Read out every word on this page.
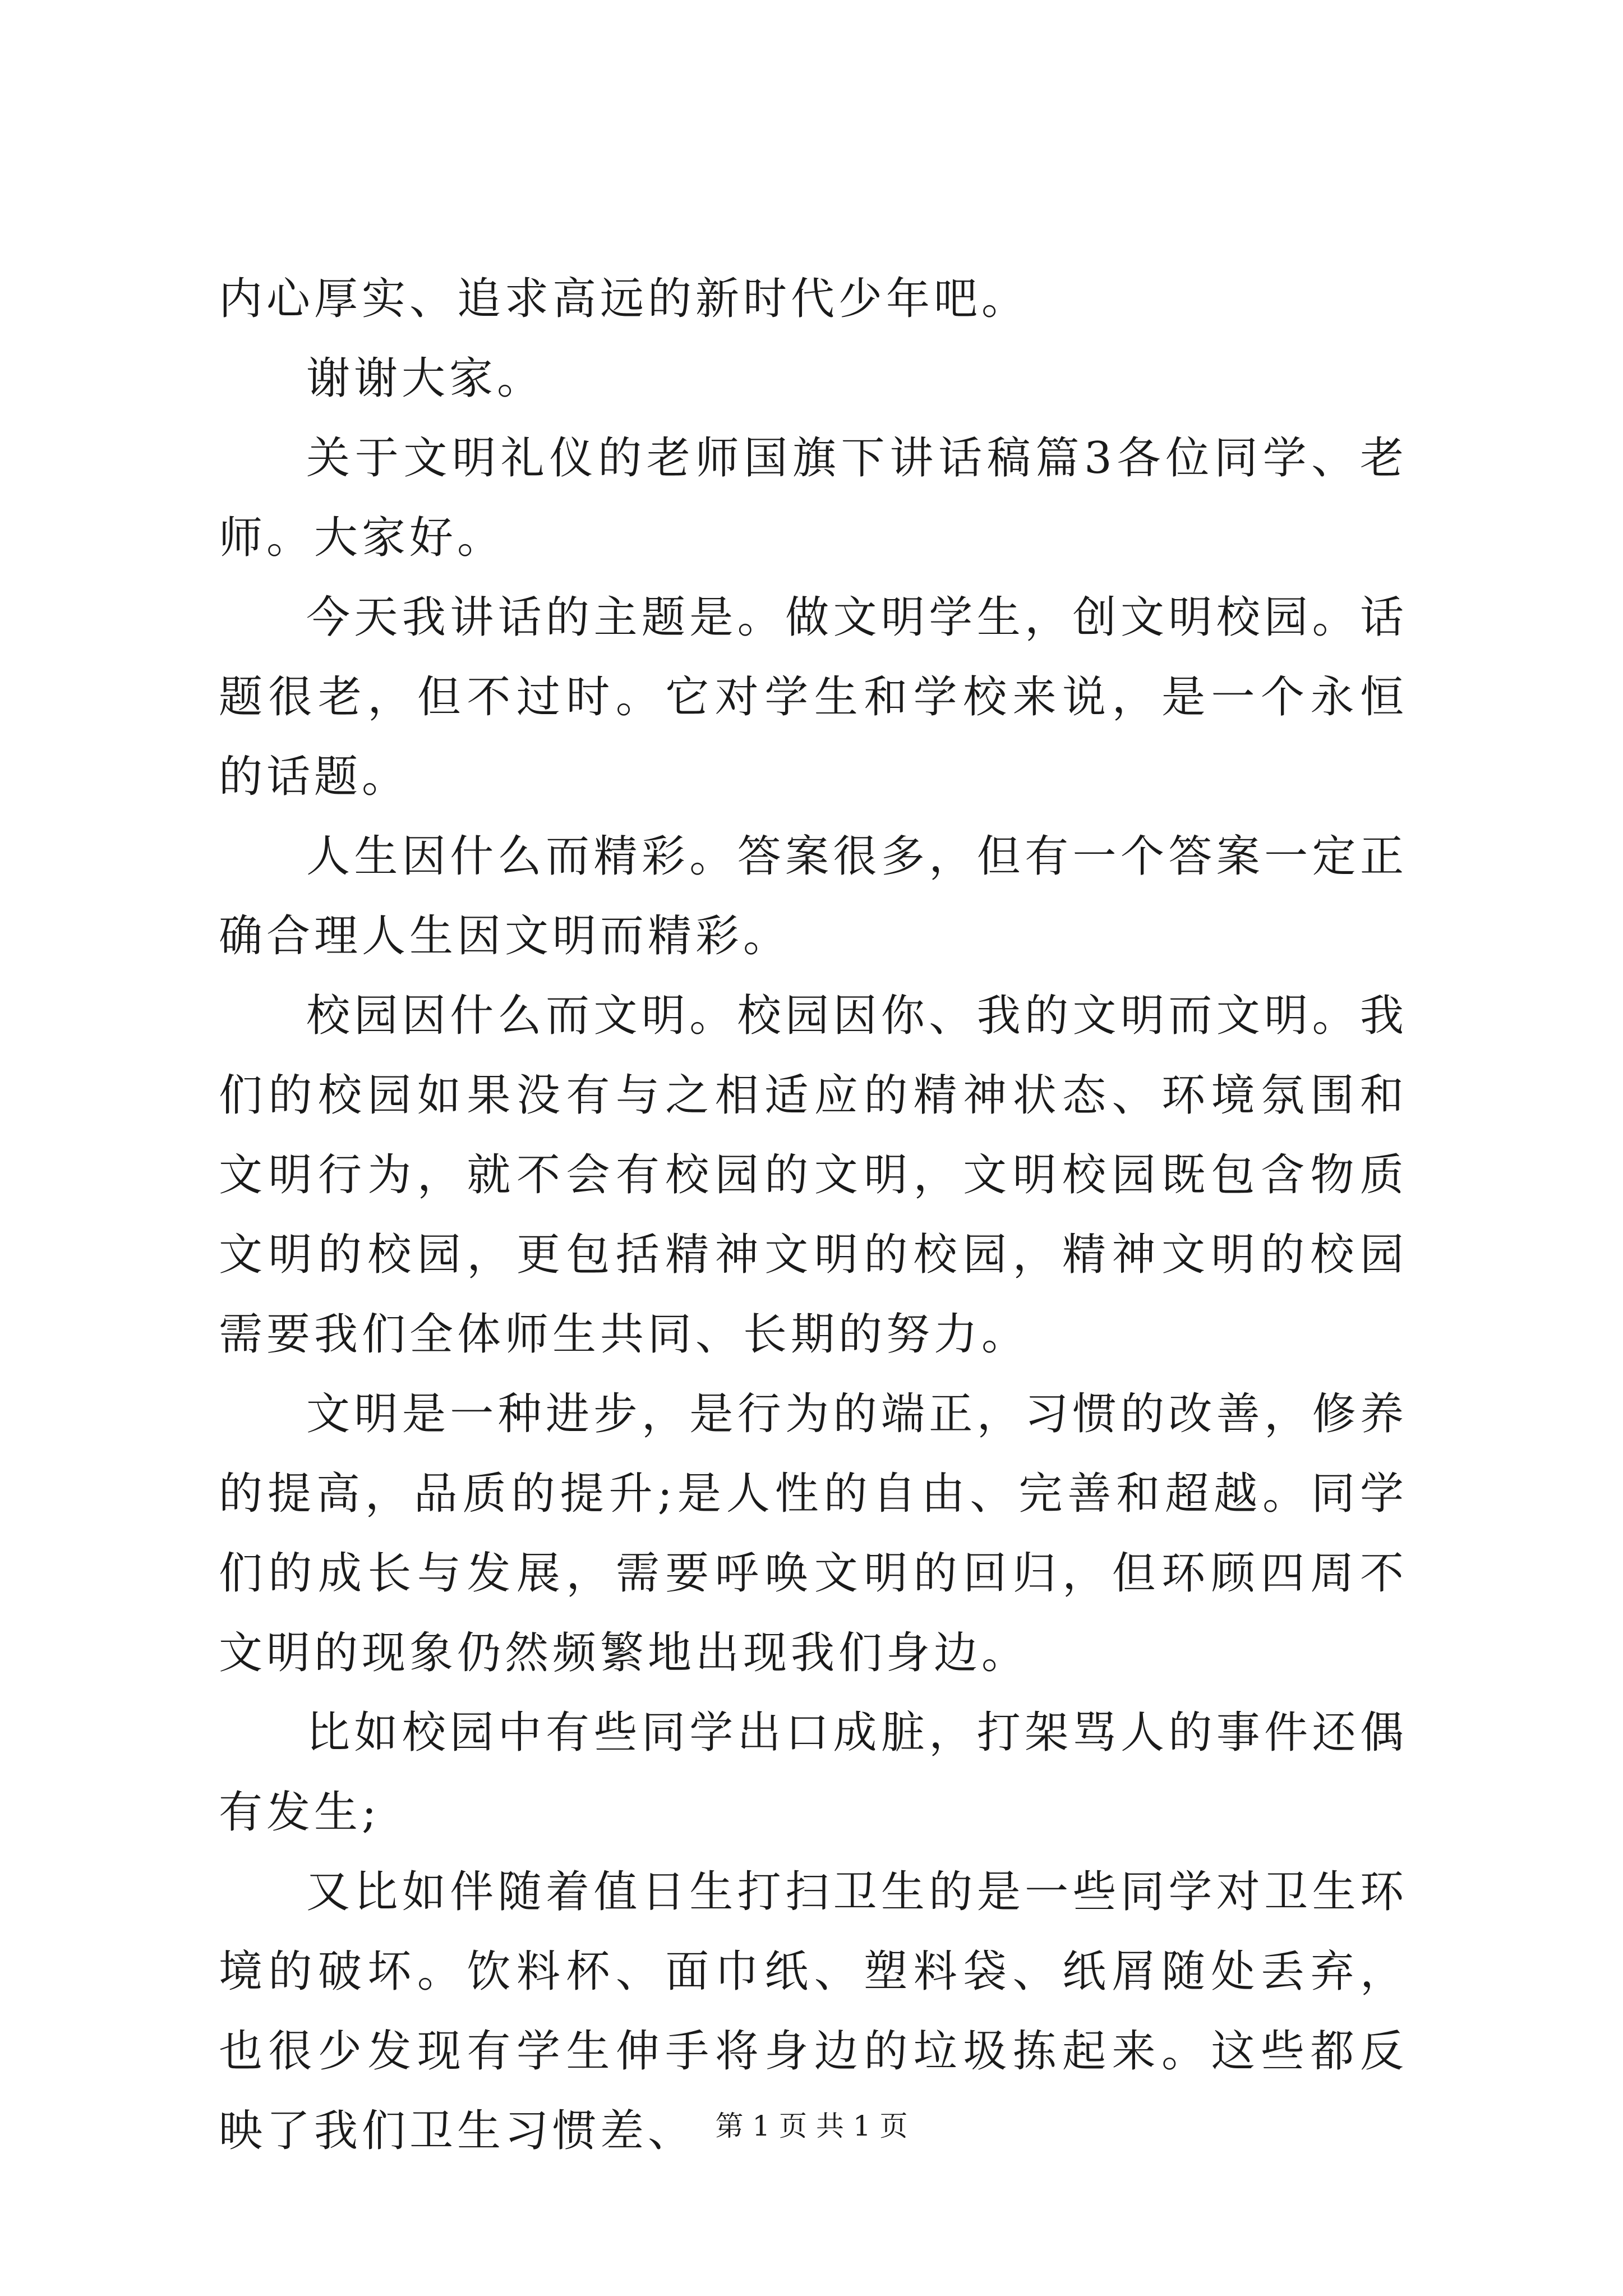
内心厚实、追求高远的新时代少年吧。

谢谢大家。

关于文明礼仪的老师国旗下讲话稿篇3各位同学、老师。大家好。

今天我讲话的主题是。做文明学生，创文明校园。话题很老，但不过时。它对学生和学校来说，是一个永恒的话题。

人生因什么而精彩。答案很多，但有一个答案一定正确合理人生因文明而精彩。

校园因什么而文明。校园因你、我的文明而文明。我们的校园如果没有与之相适应的精神状态、环境氛围和文明行为，就不会有校园的文明，文明校园既包含物质文明的校园，更包括精神文明的校园，精神文明的校园需要我们全体师生共同、长期的努力。

文明是一种进步，是行为的端正，习惯的改善，修养的提高，品质的提升;是人性的自由、完善和超越。同学们的成长与发展，需要呼唤文明的回归，但环顾四周不文明的现象仍然频繁地出现我们身边。

比如校园中有些同学出口成脏，打架骂人的事件还偶有发生;

又比如伴随着值日生打扫卫生的是一些同学对卫生环境的破坏。饮料杯、面巾纸、塑料袋、纸屑随处丢弃，也很少发现有学生伸手将身边的垃圾拣起来。这些都反映了我们卫生习惯差、 第 1 页 共 1 页
